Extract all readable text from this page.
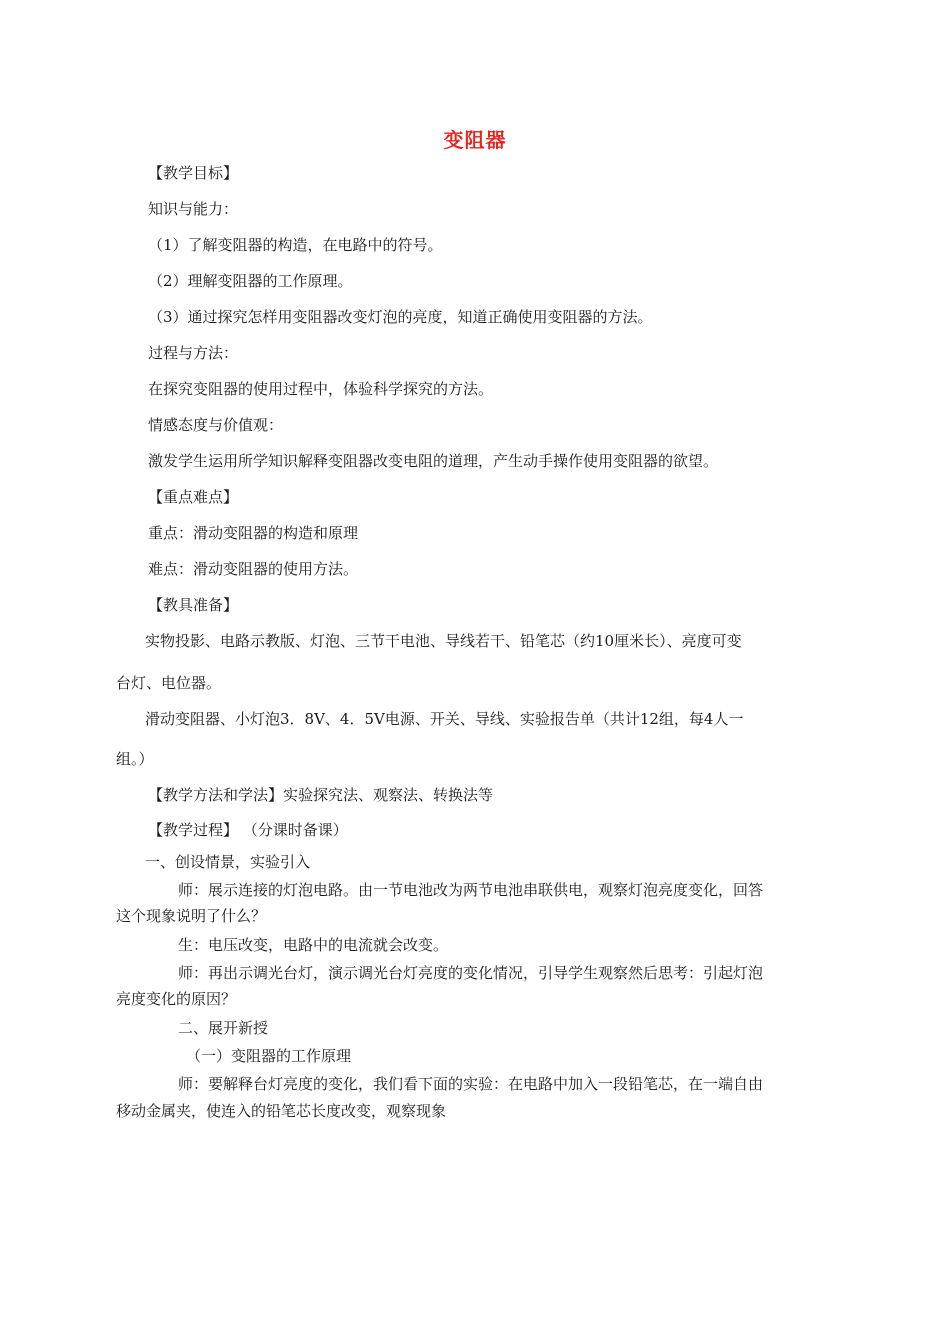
变阻器
【教学目标】
知识与能力：
（1）了解变阻器的构造，在电路中的符号。
（2）理解变阻器的工作原理。
（3）通过探究怎样用变阻器改变灯泡的亮度，知道正确使用变阻器的方法。
过程与方法：
在探究变阻器的使用过程中，体验科学探究的方法。
情感态度与价值观：
激发学生运用所学知识解释变阻器改变电阻的道理，产生动手操作使用变阻器的欲望。
【重点难点】
重点：滑动变阻器的构造和原理
难点：滑动变阻器的使用方法。
【教具准备】
实物投影、电路示教版、灯泡、三节干电池、导线若干、铅笔芯（约10厘米长）、亮度可变
台灯、电位器。
滑动变阻器、小灯泡3．8V、4．5V电源、开关、导线、实验报告单（共计12组，每4人一
组。）
【教学方法和学法】实验探究法、观察法、转换法等
【教学过程】 （分课时备课）
一、创设情景，实验引入
师：展示连接的灯泡电路。由一节电池改为两节电池串联供电，观察灯泡亮度变化，回答
这个现象说明了什么？
生：电压改变，电路中的电流就会改变。
师：再出示调光台灯，演示调光台灯亮度的变化情况，引导学生观察然后思考：引起灯泡
亮度变化的原因？
二、展开新授
（一）变阻器的工作原理
师：要解释台灯亮度的变化，我们看下面的实验：在电路中加入一段铅笔芯，在一端自由
移动金属夹，使连入的铅笔芯长度改变，观察现象
